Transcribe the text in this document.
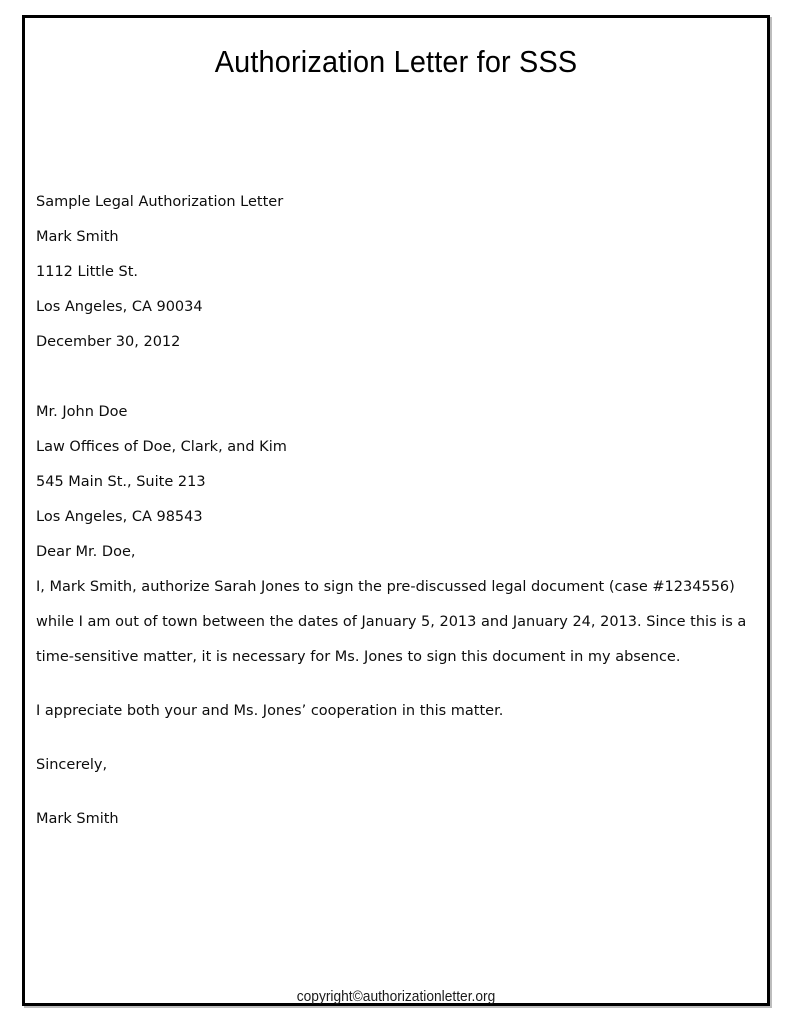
Authorization Letter for SSS
Sample Legal Authorization Letter
Mark Smith
1112 Little St.
Los Angeles, CA 90034
December 30, 2012
Mr. John Doe
Law Offices of Doe, Clark, and Kim
545 Main St., Suite 213
Los Angeles, CA 98543
Dear Mr. Doe,
I, Mark Smith, authorize Sarah Jones to sign the pre-discussed legal document (case #1234556) while I am out of town between the dates of January 5, 2013 and January 24, 2013. Since this is a time-sensitive matter, it is necessary for Ms. Jones to sign this document in my absence.
I appreciate both your and Ms. Jones’ cooperation in this matter.
Sincerely,
Mark Smith
copyright©authorizationletter.org
